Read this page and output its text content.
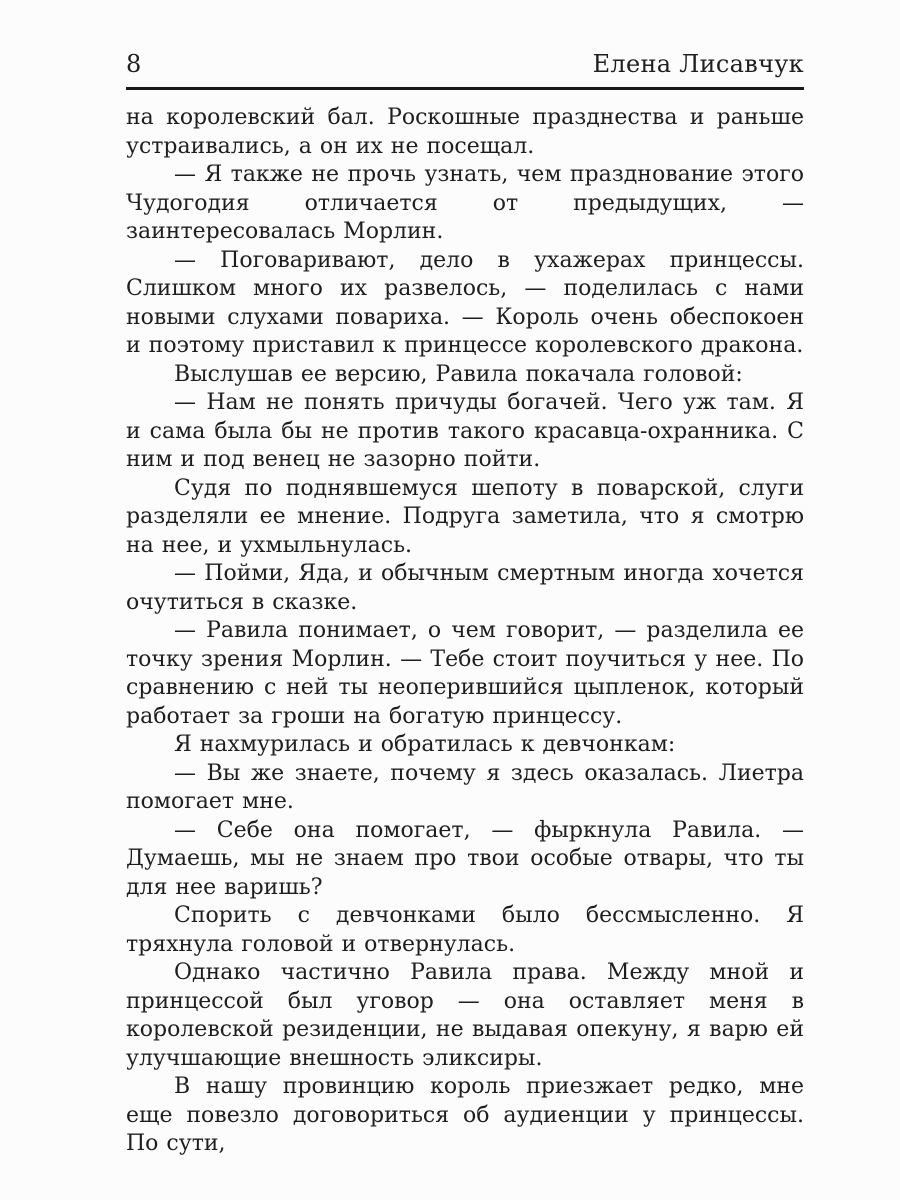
8	Елена Лисавчук

на королевский бал. Роскошные празднества и раньше устраивались, а он их не посещал.

— Я также не прочь узнать, чем празднование этого Чудогодия отличается от предыдущих, — заинтересовалась Морлин.

— Поговаривают, дело в ухажерах принцессы. Слишком много их развелось, — поделилась с нами новыми слухами повариха. — Король очень обеспокоен и поэтому приставил к принцессе королевского дракона.

Выслушав ее версию, Равила покачала головой:

— Нам не понять причуды богачей. Чего уж там. Я и сама была бы не против такого красавца-охранника. С ним и под венец не зазорно пойти.

Судя по поднявшемуся шепоту в поварской, слуги разделяли ее мнение. Подруга заметила, что я смотрю на нее, и ухмыльнулась.

— Пойми, Яда, и обычным смертным иногда хочется очутиться в сказке.

— Равила понимает, о чем говорит, — разделила ее точку зрения Морлин. — Тебе стоит поучиться у нее. По сравнению с ней ты неоперившийся цыпленок, который работает за гроши на богатую принцессу.

Я нахмурилась и обратилась к девчонкам:

— Вы же знаете, почему я здесь оказалась. Лиетра помогает мне.

— Себе она помогает, — фыркнула Равила. — Думаешь, мы не знаем про твои особые отвары, что ты для нее варишь?

Спорить с девчонками было бессмысленно. Я тряхнула головой и отвернулась.

Однако частично Равила права. Между мной и принцессой был уговор — она оставляет меня в королевской резиденции, не выдавая опекуну, я варю ей улучшающие внешность эликсиры.

В нашу провинцию король приезжает редко, мне еще повезло договориться об аудиенции у принцессы. По сути,
